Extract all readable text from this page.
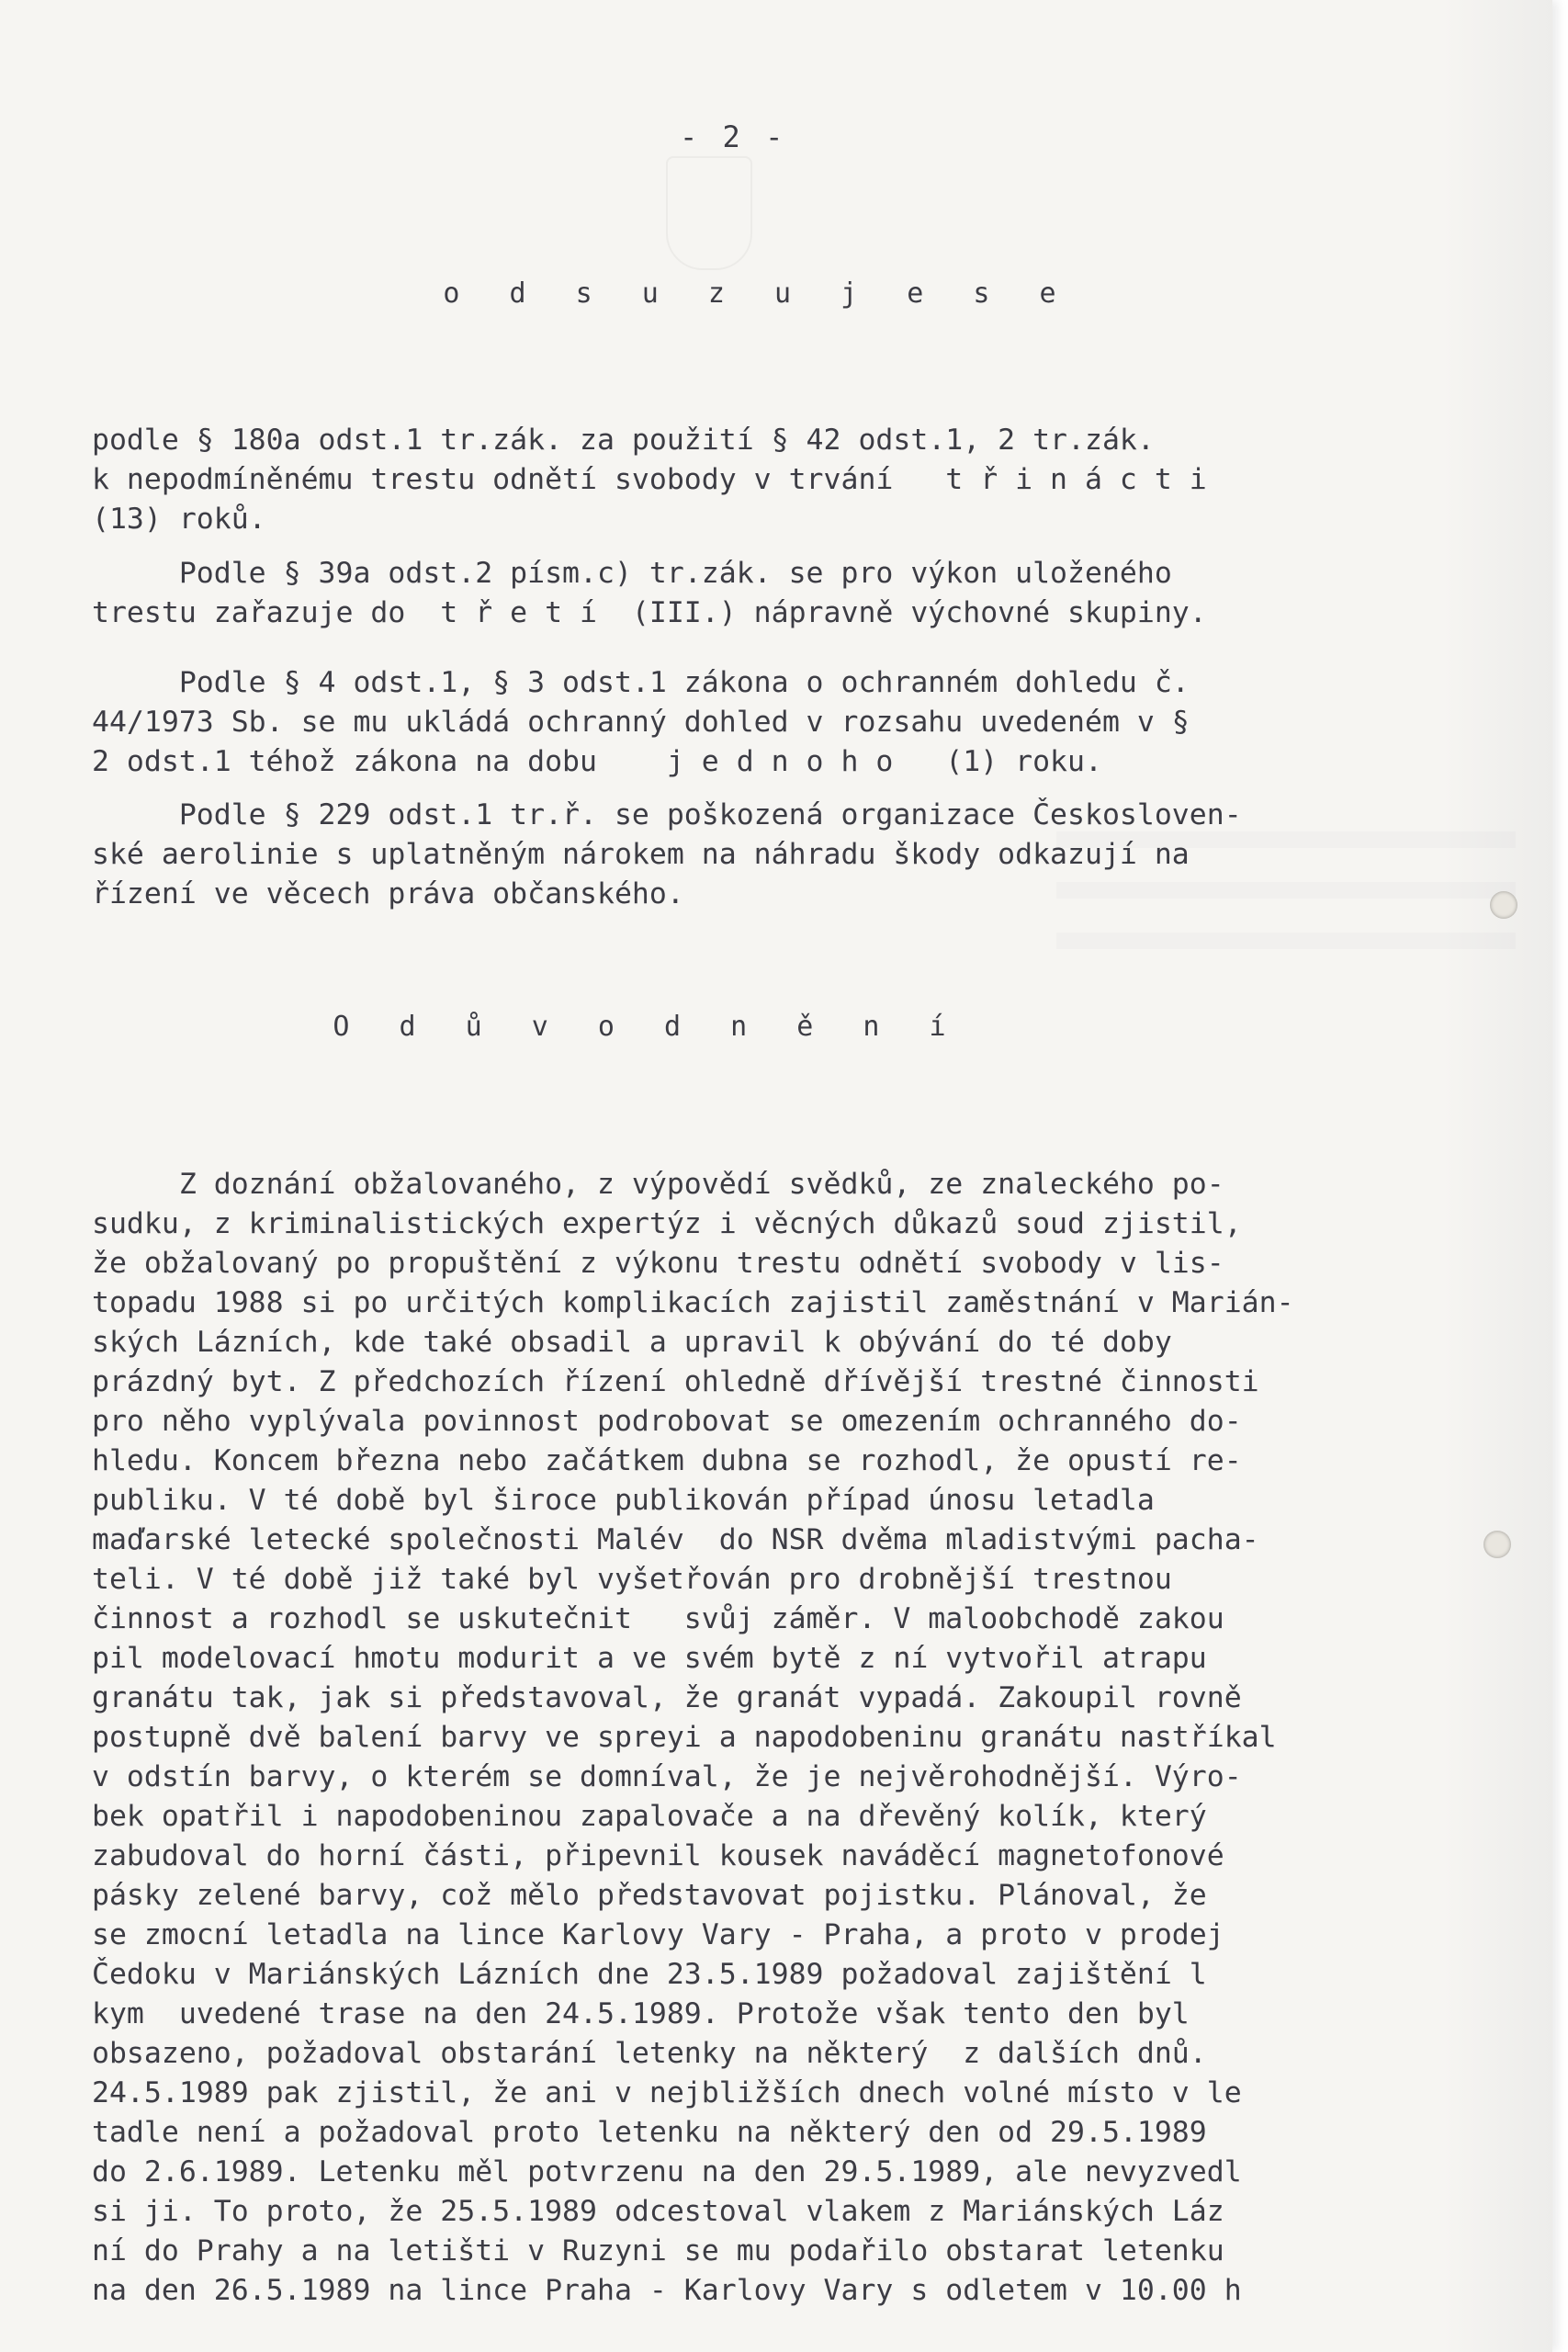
- 2 -
o d s u z u j e s e
podle § 180a odst.1 tr.zák. za použití § 42 odst.1, 2 tr.zák.
k nepodmíněnému trestu odnětí svobody v trvání   t ř i n á c t i
(13) roků.
Podle § 39a odst.2 písm.c) tr.zák. se pro výkon uloženého
trestu zařazuje do  t ř e t í  (III.) nápravně výchovné skupiny.
Podle § 4 odst.1, § 3 odst.1 zákona o ochranném dohledu č.
44/1973 Sb. se mu ukládá ochranný dohled v rozsahu uvedeném v §
2 odst.1 téhož zákona na dobu    j e d n o h o   (1) roku.
Podle § 229 odst.1 tr.ř. se poškozená organizace Českosloven-
ské aerolinie s uplatněným nárokem na náhradu škody odkazují na
řízení ve věcech práva občanského.
O d ů v o d n ě n í
Z doznání obžalovaného, z výpovědí svědků, ze znaleckého po-
sudku, z kriminalistických expertýz i věcných důkazů soud zjistil,
že obžalovaný po propuštění z výkonu trestu odnětí svobody v lis-
topadu 1988 si po určitých komplikacích zajistil zaměstnání v Marián-
ských Lázních, kde také obsadil a upravil k obývání do té doby
prázdný byt. Z předchozích řízení ohledně dřívější trestné činnosti
pro něho vyplývala povinnost podrobovat se omezením ochranného do-
hledu. Koncem března nebo začátkem dubna se rozhodl, že opustí re-
publiku. V té době byl široce publikován případ únosu letadla
maďarské letecké společnosti Malév  do NSR dvěma mladistvými pacha-
teli. V té době již také byl vyšetřován pro drobnější trestnou
činnost a rozhodl se uskutečnit   svůj záměr. V maloobchodě zakou
pil modelovací hmotu modurit a ve svém bytě z ní vytvořil atrapu
granátu tak, jak si představoval, že granát vypadá. Zakoupil rovně
postupně dvě balení barvy ve spreyi a napodobeninu granátu nastříkal
v odstín barvy, o kterém se domníval, že je nejvěrohodnější. Výro-
bek opatřil i napodobeninou zapalovače a na dřevěný kolík, který
zabudoval do horní části, připevnil kousek naváděcí magnetofonové
pásky zelené barvy, což mělo představovat pojistku. Plánoval, že
se zmocní letadla na lince Karlovy Vary - Praha, a proto v prodej
Čedoku v Mariánských Lázních dne 23.5.1989 požadoval zajištění l
kym  uvedené trase na den 24.5.1989. Protože však tento den byl
obsazeno, požadoval obstarání letenky na některý  z dalších dnů.
24.5.1989 pak zjistil, že ani v nejbližších dnech volné místo v le
tadle není a požadoval proto letenku na některý den od 29.5.1989
do 2.6.1989. Letenku měl potvrzenu na den 29.5.1989, ale nevyzvedl
si ji. To proto, že 25.5.1989 odcestoval vlakem z Mariánských Láz
ní do Prahy a na letišti v Ruzyni se mu podařilo obstarat letenku
na den 26.5.1989 na lince Praha - Karlovy Vary s odletem v 10.00 h
